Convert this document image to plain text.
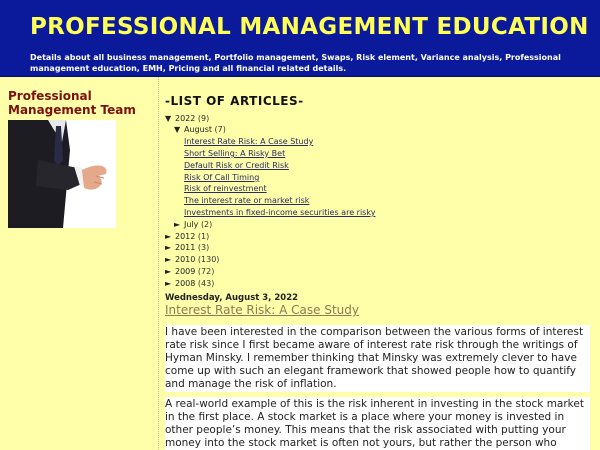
PROFESSIONAL MANAGEMENT EDUCATION
Details about all business management, Portfolio management, Swaps, Risk element, Variance analysis, Professional management education, EMH, Pricing and all financial related details.
Professional Management Team
-LIST OF ARTICLES-
▼ 2022 (9)
▼ August (7)
Interest Rate Risk: A Case Study
Short Selling: A Risky Bet
Default Risk or Credit Risk
Risk Of Call Timing
Risk of reinvestment
The interest rate or market risk
Investments in fixed-income securities are risky
► July (2)
► 2012 (1)
► 2011 (3)
► 2010 (130)
► 2009 (72)
► 2008 (43)
Wednesday, August 3, 2022
Interest Rate Risk: A Case Study
I have been interested in the comparison between the various forms of interest rate risk since I first became aware of interest rate risk through the writings of Hyman Minsky. I remember thinking that Minsky was extremely clever to have come up with such an elegant framework that showed people how to quantify and manage the risk of inflation.
A real-world example of this is the risk inherent in investing in the stock market in the first place. A stock market is a place where your money is invested in other people’s money. This means that the risk associated with putting your money into the stock market is often not yours, but rather the person who
